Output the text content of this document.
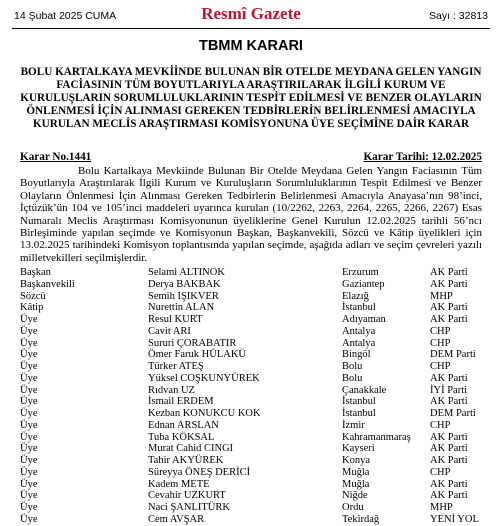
14 Şubat 2025 CUMA	Resmî Gazete	Sayı : 32813
TBMM KARARI
BOLU KARTALKAYA MEVKİİNDE BULUNAN BİR OTELDE MEYDANA GELEN YANGIN FACİASININ TÜM BOYUTLARIYLA ARAŞTIRILARAK İLGİLİ KURUM VE KURULUŞLARIN SORUMLULUKLARININ TESPİT EDİLMESİ VE BENZER OLAYLARIN ÖNLENMESİ İÇİN ALINMASI GEREKEN TEDBİRLERİN BELİRLENMESİ AMACIYLA KURULAN MECLİS ARAŞTIRMASI KOMİSYONUNA ÜYE SEÇİMİNE DAİR KARAR
Karar No.1441	Karar Tarihi: 12.02.2025
Bolu Kartalkaya Mevkiinde Bulunan Bir Otelde Meydana Gelen Yangın Faciasının Tüm Boyutlarıyla Araştırılarak İlgili Kurum ve Kuruluşların Sorumluluklarının Tespit Edilmesi ve Benzer Olayların Önlenmesi İçin Alınması Gereken Tedbirlerin Belirlenmesi Amacıyla Anayasa’nın 98’inci, İçtüzük’ün 104 ve 105’inci maddeleri uyarınca kurulan (10/2262, 2263, 2264, 2265, 2266, 2267) Esas Numaralı Meclis Araştırması Komisyonunun üyeliklerine Genel Kurulun 12.02.2025 tarihli 56’ncı Birleşiminde yapılan seçimde ve Komisyonun Başkan, Başkanvekili, Sözcü ve Kâtip üyelikleri için 13.02.2025 tarihindeki Komisyon toplantısında yapılan seçimde, aşağıda adları ve seçim çevreleri yazılı milletvekilleri seçilmişlerdir.
Başkan	Selami ALTINOK	Erzurum	AK Parti
Başkanvekili	Derya BAKBAK	Gaziantep	AK Parti
Sözcü	Semih IŞIKVER	Elazığ	MHP
Kâtip	Nurettin ALAN	İstanbul	AK Parti
Üye	Resul KURT	Adıyaman	AK Parti
Üye	Cavit ARI	Antalya	CHP
Üye	Sururi ÇORABATIR	Antalya	CHP
Üye	Ömer Faruk HÜLAKÜ	Bingöl	DEM Parti
Üye	Türker ATEŞ	Bolu	CHP
Üye	Yüksel COŞKUNYÜREK	Bolu	AK Parti
Üye	Rıdvan UZ	Çanakkale	İYİ Parti
Üye	İsmail ERDEM	İstanbul	AK Parti
Üye	Kezban KONUKCU KOK	İstanbul	DEM Parti
Üye	Ednan ARSLAN	İzmir	CHP
Üye	Tuba KÖKSAL	Kahramanmaraş	AK Parti
Üye	Murat Cahid CINGI	Kayseri	AK Parti
Üye	Tahir AKYÜREK	Konya	AK Parti
Üye	Süreyya ÖNEŞ DERİCİ	Muğla	CHP
Üye	Kadem METE	Muğla	AK Parti
Üye	Cevahir UZKURT	Niğde	AK Parti
Üye	Naci ŞANLITÜRK	Ordu	MHP
Üye	Cem AVŞAR	Tekirdağ	YENİ YOL
